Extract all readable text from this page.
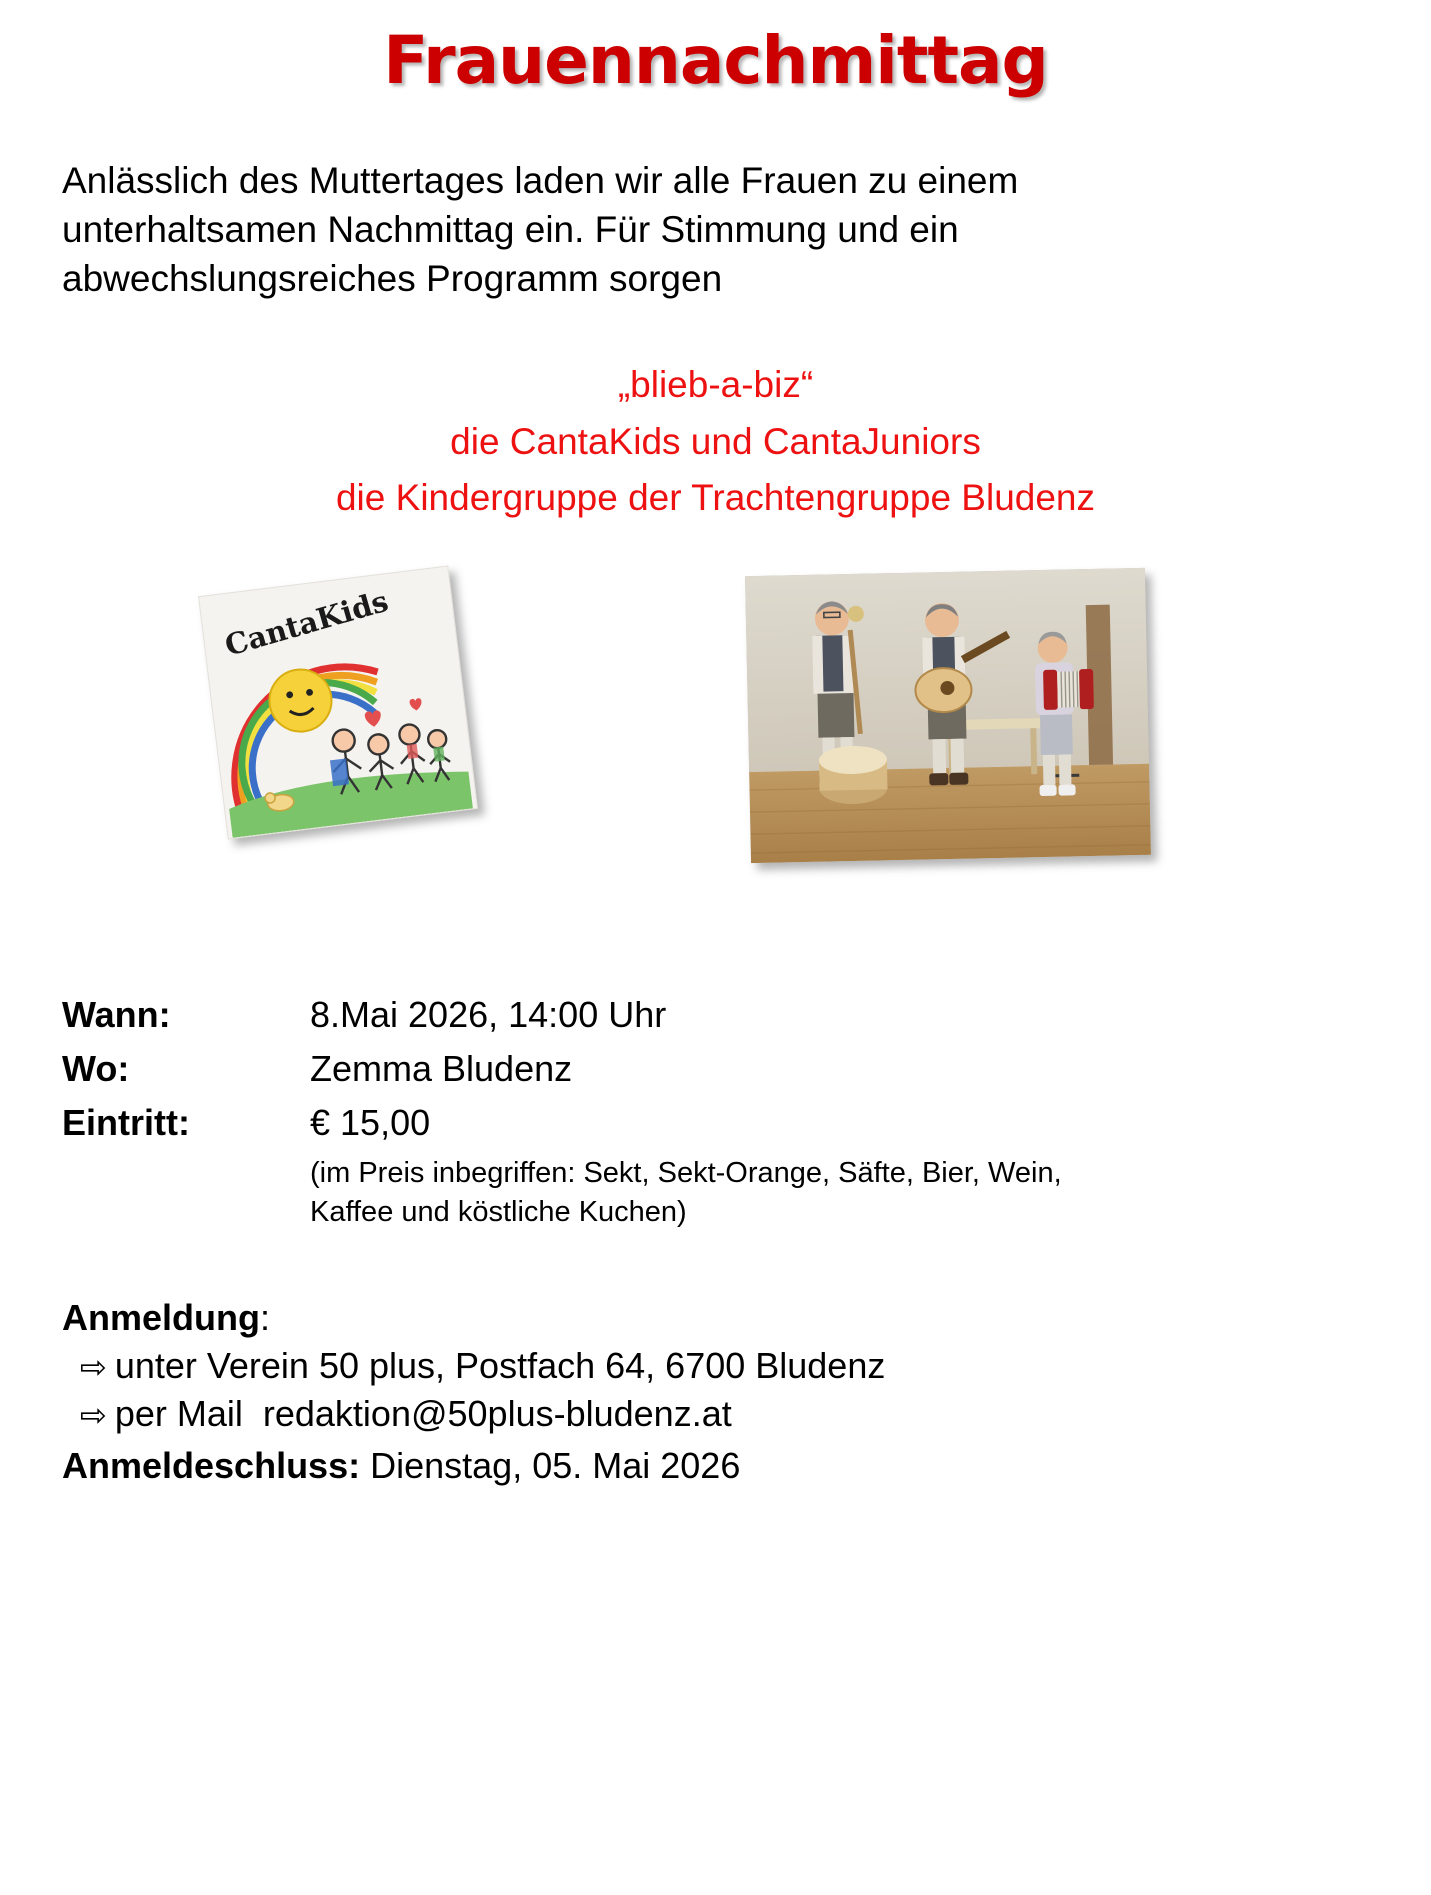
Frauennachmittag
Anlässlich des Muttertages laden wir alle Frauen zu einem
unterhaltsamen Nachmittag ein. Für Stimmung und ein
abwechslungsreiches Programm sorgen
„blieb-a-biz“
die CantaKids und CantaJuniors
die Kindergruppe der Trachtengruppe Bludenz
CantaKids
Wann:	8.Mai 2026, 14:00 Uhr
Wo:	Zemma Bludenz
Eintritt:	€ 15,00
(im Preis inbegriffen: Sekt, Sekt-Orange, Säfte, Bier, Wein,
Kaffee und köstliche Kuchen)
Anmeldung:
⇨ unter Verein 50 plus, Postfach 64, 6700 Bludenz
⇨ per Mail redaktion@50plus-bludenz.at
Anmeldeschluss: Dienstag, 05. Mai 2026
